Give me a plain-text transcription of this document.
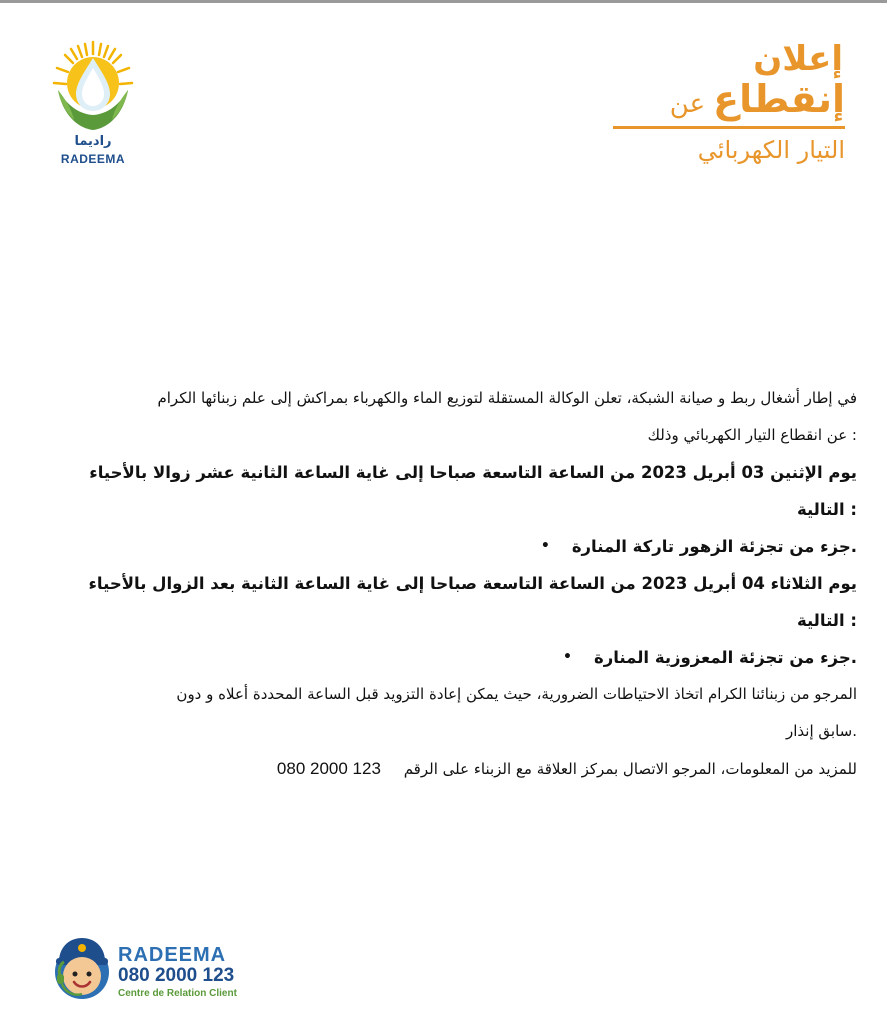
راديما
RADEEMA
إعلان
إنقطاع
عن
التيار الكهربائي
في إطار أشغال ربط و صيانة الشبكة، تعلن الوكالة المستقلة لتوزيع الماء والكهرباء بمراكش إلى علم زبنائها الكرام
: عن انقطاع التيار الكهربائي وذلك
يوم الإثنين 03 أبريل 2023 من الساعة التاسعة صباحا إلى غاية الساعة الثانية عشر زوالا بالأحياء
: التالية
.جزء من تجزئة الزهور تاركة المنارة
•
يوم الثلاثاء 04 أبريل 2023 من الساعة التاسعة صباحا إلى غاية الساعة الثانية بعد الزوال بالأحياء
: التالية
.جزء من تجزئة المعزوزية المنارة
•
المرجو من زبنائنا الكرام اتخاذ الاحتياطات الضرورية، حيث يمكن إعادة التزويد قبل الساعة المحددة أعلاه و دون
.سابق إنذار
للمزيد من المعلومات، المرجو الاتصال بمركز العلاقة مع الزبناء على الرقم 080 2000 123
RADEEMA
080 2000 123
Centre de Relation Client
